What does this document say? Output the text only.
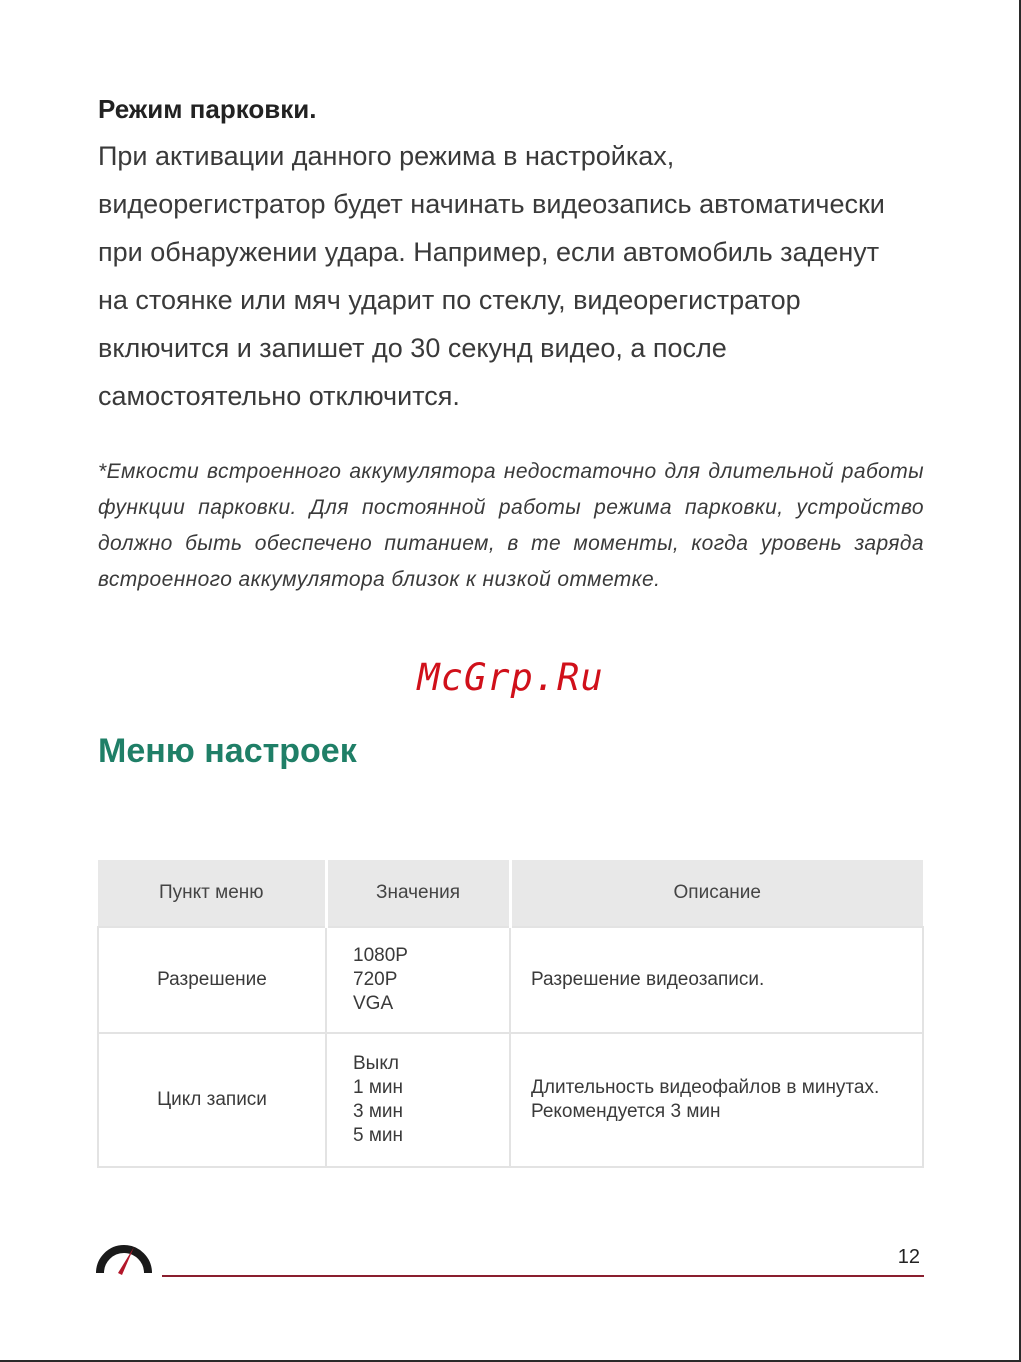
Режим парковки.

При активации данного режима в настройках,
видеорегистратор будет начинать видеозапись автоматически
при обнаружении удара. Например, если автомобиль заденут
на стоянке или мяч ударит по стеклу, видеорегистратор
включится и запишет до 30 секунд видео, а после
самостоятельно отключится.

*Емкости встроенного аккумулятора недостаточно для длительной работы функции парковки. Для постоянной работы режима парковки, устройство должно быть обеспечено питанием, в те моменты, когда уровень заряда встроенного аккумулятора близок к низкой отметке.

McGrp.Ru
Меню настроек
Пункт меню	Значения	Описание
Разрешение	1080P
720P
VGA	Разрешение видеозаписи.

Цикл записи	Выкл
1 мин
3 мин
5 мин	Длительность видеофайлов в минутах.
Рекомендуется 3 мин
12
